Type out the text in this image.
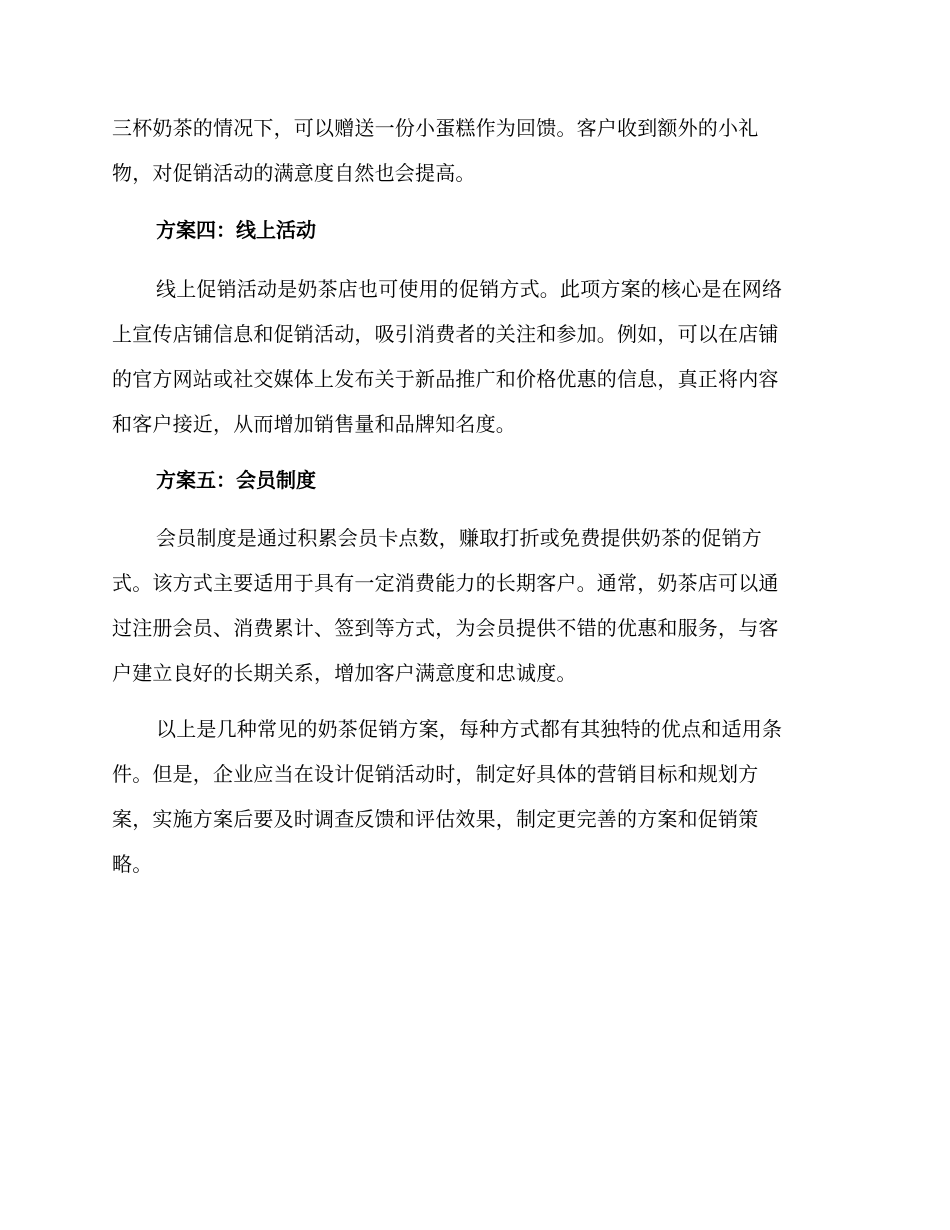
三杯奶茶的情况下，可以赠送一份小蛋糕作为回馈。客户收到额外的小礼
物，对促销活动的满意度自然也会提高。
方案四：线上活动
线上促销活动是奶茶店也可使用的促销方式。此项方案的核心是在网络
上宣传店铺信息和促销活动，吸引消费者的关注和参加。例如，可以在店铺
的官方网站或社交媒体上发布关于新品推广和价格优惠的信息，真正将内容
和客户接近，从而增加销售量和品牌知名度。
方案五：会员制度
会员制度是通过积累会员卡点数，赚取打折或免费提供奶茶的促销方
式。该方式主要适用于具有一定消费能力的长期客户。通常，奶茶店可以通
过注册会员、消费累计、签到等方式，为会员提供不错的优惠和服务，与客
户建立良好的长期关系，增加客户满意度和忠诚度。
以上是几种常见的奶茶促销方案，每种方式都有其独特的优点和适用条
件。但是，企业应当在设计促销活动时，制定好具体的营销目标和规划方
案，实施方案后要及时调查反馈和评估效果，制定更完善的方案和促销策
略。
